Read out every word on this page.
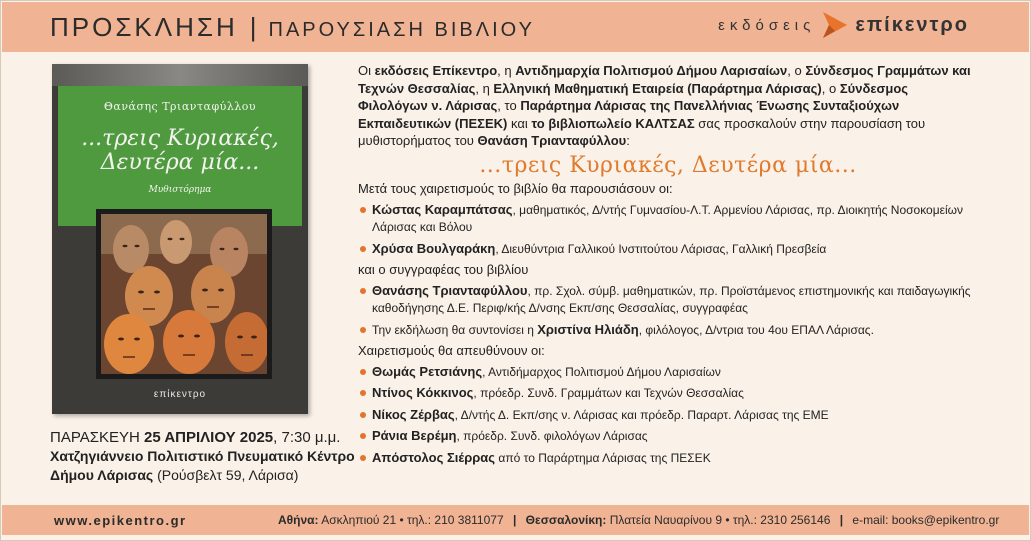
ΠΡΟΣΚΛΗΣΗ | ΠΑΡΟΥΣΙΑΣΗ ΒΙΒΛΙΟΥ	εκδόσεις επίκεντρο
Θανάσης Τριανταφύλλου
...τρεις Κυριακές,
Δευτέρα μία...
Μυθιστόρημα
επίκεντρο
ΠΑΡΑΣΚΕΥΗ 25 ΑΠΡΙΛΙΟΥ 2025, 7:30 μ.μ.
Χατζηγιάννειο Πολιτιστικό Πνευματικό Κέντρο
Δήμου Λάρισας (Ρούσβελτ 59, Λάρισα)

Οι εκδόσεις Επίκεντρο, η Αντιδημαρχία Πολιτισμού Δήμου Λαρισαίων, ο Σύνδεσμος Γραμμάτων και Τεχνών Θεσσαλίας, η Ελληνική Μαθηματική Εταιρεία (Παράρτημα Λάρισας), ο Σύνδεσμος Φιλολόγων ν. Λάρισας, το Παράρτημα Λάρισας της Πανελλήνιας Ένωσης Συνταξιούχων Εκπαιδευτικών (ΠΕΣΕΚ) και το βιβλιοπωλείο ΚΑΛΤΣΑΣ σας προσκαλούν στην παρουσίαση του μυθιστορήματος του Θανάση Τριανταφύλλου:

...τρεις Κυριακές, Δευτέρα μία...

Μετά τους χαιρετισμούς το βιβλίο θα παρουσιάσουν οι:

Κώστας Καραμπάτσας, μαθηματικός, Δ/ντής Γυμνασίου-Λ.Τ. Αρμενίου Λάρισας, πρ. Διοικητής Νοσοκομείων Λάρισας και Βόλου
Χρύσα Βουλγαράκη, Διευθύντρια Γαλλικού Ινστιτούτου Λάρισας, Γαλλική Πρεσβεία

και ο συγγραφέας του βιβλίου

Θανάσης Τριανταφύλλου, πρ. Σχολ. σύμβ. μαθηματικών, πρ. Προϊστάμενος επιστημονικής και παιδαγωγικής καθοδήγησης Δ.Ε. Περιφ/κής Δ/νσης Εκπ/σης Θεσσαλίας, συγγραφέας
Την εκδήλωση θα συντονίσει η Χριστίνα Ηλιάδη, φιλόλογος, Δ/ντρια του 4ου ΕΠΑΛ Λάρισας.

Χαιρετισμούς θα απευθύνουν οι:

Θωμάς Ρετσιάνης, Αντιδήμαρχος Πολιτισμού Δήμου Λαρισαίων
Ντίνος Κόκκινος, πρόεδρ. Συνδ. Γραμμάτων και Τεχνών Θεσσαλίας
Νίκος Ζέρβας, Δ/ντής Δ. Εκπ/σης ν. Λάρισας και πρόεδρ. Παραρτ. Λάρισας της ΕΜΕ
Ράνια Βερέμη, πρόεδρ. Συνδ. φιλολόγων Λάρισας
Απόστολος Σιέρρας από το Παράρτημα Λάρισας της ΠΕΣΕΚ
www.epikentro.gr	Αθήνα: Ασκληπιού 21 • τηλ.: 210 3811077 | Θεσσαλονίκη: Πλατεία Ναυαρίνου 9 • τηλ.: 2310 256146 | e-mail: books@epikentro.gr
